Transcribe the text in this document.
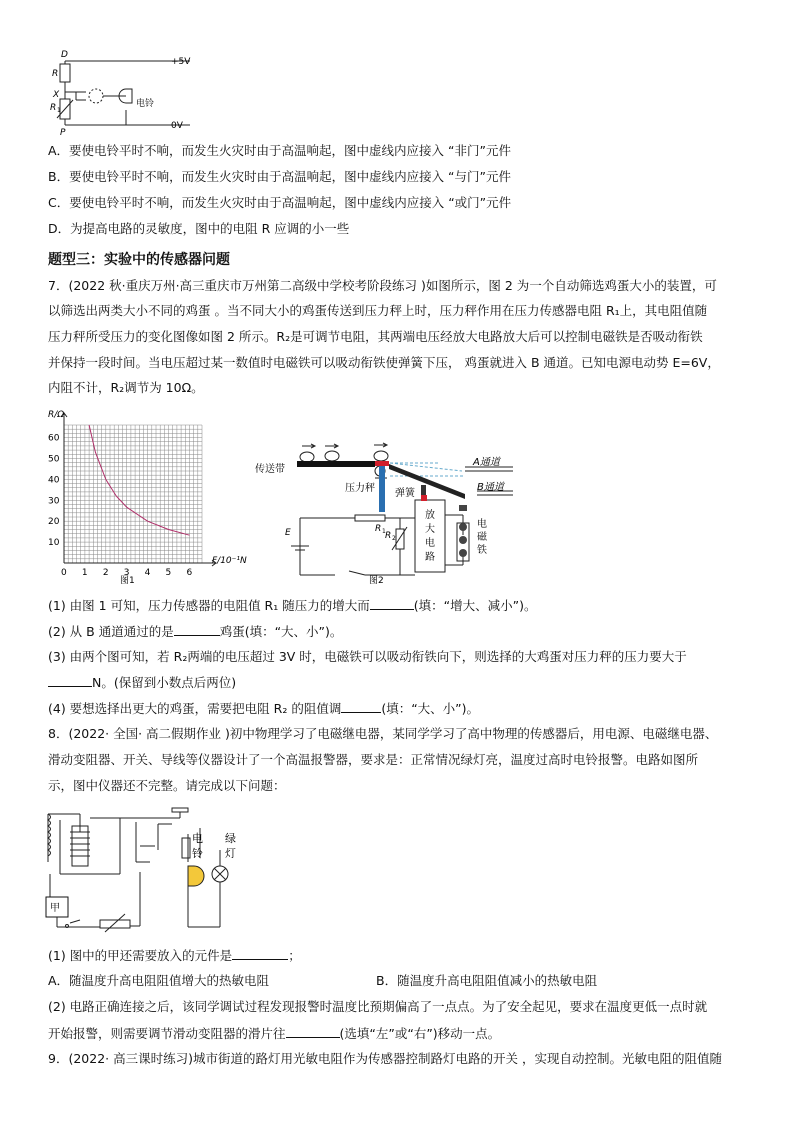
D
R
X
R 1
P
+5V
0V
电铃
A．要使电铃平时不响，而发生火灾时由于高温响起，图中虚线内应接入 “非门”元件
B．要使电铃平时不响，而发生火灾时由于高温响起，图中虚线内应接入 “与门”元件
C．要使电铃平时不响，而发生火灾时由于高温响起，图中虚线内应接入 “或门”元件
D．为提高电路的灵敏度，图中的电阻 R 应调的小一些
题型三：实验中的传感器问题
7．(2022 秋·重庆万州·高三重庆市万州第二高级中学校考阶段练习 )如图所示，图 2 为一个自动筛选鸡蛋大小的装置，可
以筛选出两类大小不同的鸡蛋 。当不同大小的鸡蛋传送到压力秤上时，压力秤作用在压力传感器电阻 R₁上，其电阻值随
压力秤所受压力的变化图像如图 2 所示。R₂是可调节电阻，其两端电压经放大电路放大后可以控制电磁铁是否吸动衔铁
并保持一段时间。当电压超过某一数值时电磁铁可以吸动衔铁使弹簧下压， 鸡蛋就进入 B 通道。已知电源电动势 E=6V，
内阻不计，R₂调节为 10Ω。
R/Ω
F/10⁻¹N
图1
60
50
40
30
20
10
0 1 2 3 4 5 6
传送带
压力秤 弹簧
A通道
B通道
R 1 R 2
E
放
大
电
路
电
磁
铁
图2
(1) 由图 1 可知，压力传感器的电阻值 R₁ 随压力的增大而	(填：“增大、减小”)。
(2) 从 B 通道通过的是	鸡蛋(填：“大、小”)。
(3) 由两个图可知，若 R₂两端的电压超过 3V 时，电磁铁可以吸动衔铁向下，则选择的大鸡蛋对压力秤的压力要大于
N。(保留到小数点后两位)
(4) 要想选择出更大的鸡蛋，需要把电阻 R₂ 的阻值调	(填：“大、小”)。
8．(2022· 全国· 高二假期作业 )初中物理学习了电磁继电器，某同学学习了高中物理的传感器后，用电源、电磁继电器、
滑动变阻器、开关、导线等仪器设计了一个高温报警器，要求是：正常情况绿灯亮，温度过高时电铃报警。电路如图所
示，图中仪器还不完整。请完成以下问题：
甲
电
铃
绿
灯
(1) 图中的甲还需要放入的元件是	；
A．随温度升高电阻阻值增大的热敏电阻	B．随温度升高电阻阻值减小的热敏电阻
(2) 电路正确连接之后，该同学调试过程发现报警时温度比预期偏高了一点点。为了安全起见，要求在温度更低一点时就
开始报警，则需要调节滑动变阻器的滑片往	(选填“左”或“右”)移动一点。
9．(2022· 高三课时练习)城市街道的路灯用光敏电阻作为传感器控制路灯电路的开关 ，实现自动控制。光敏电阻的阻值随
